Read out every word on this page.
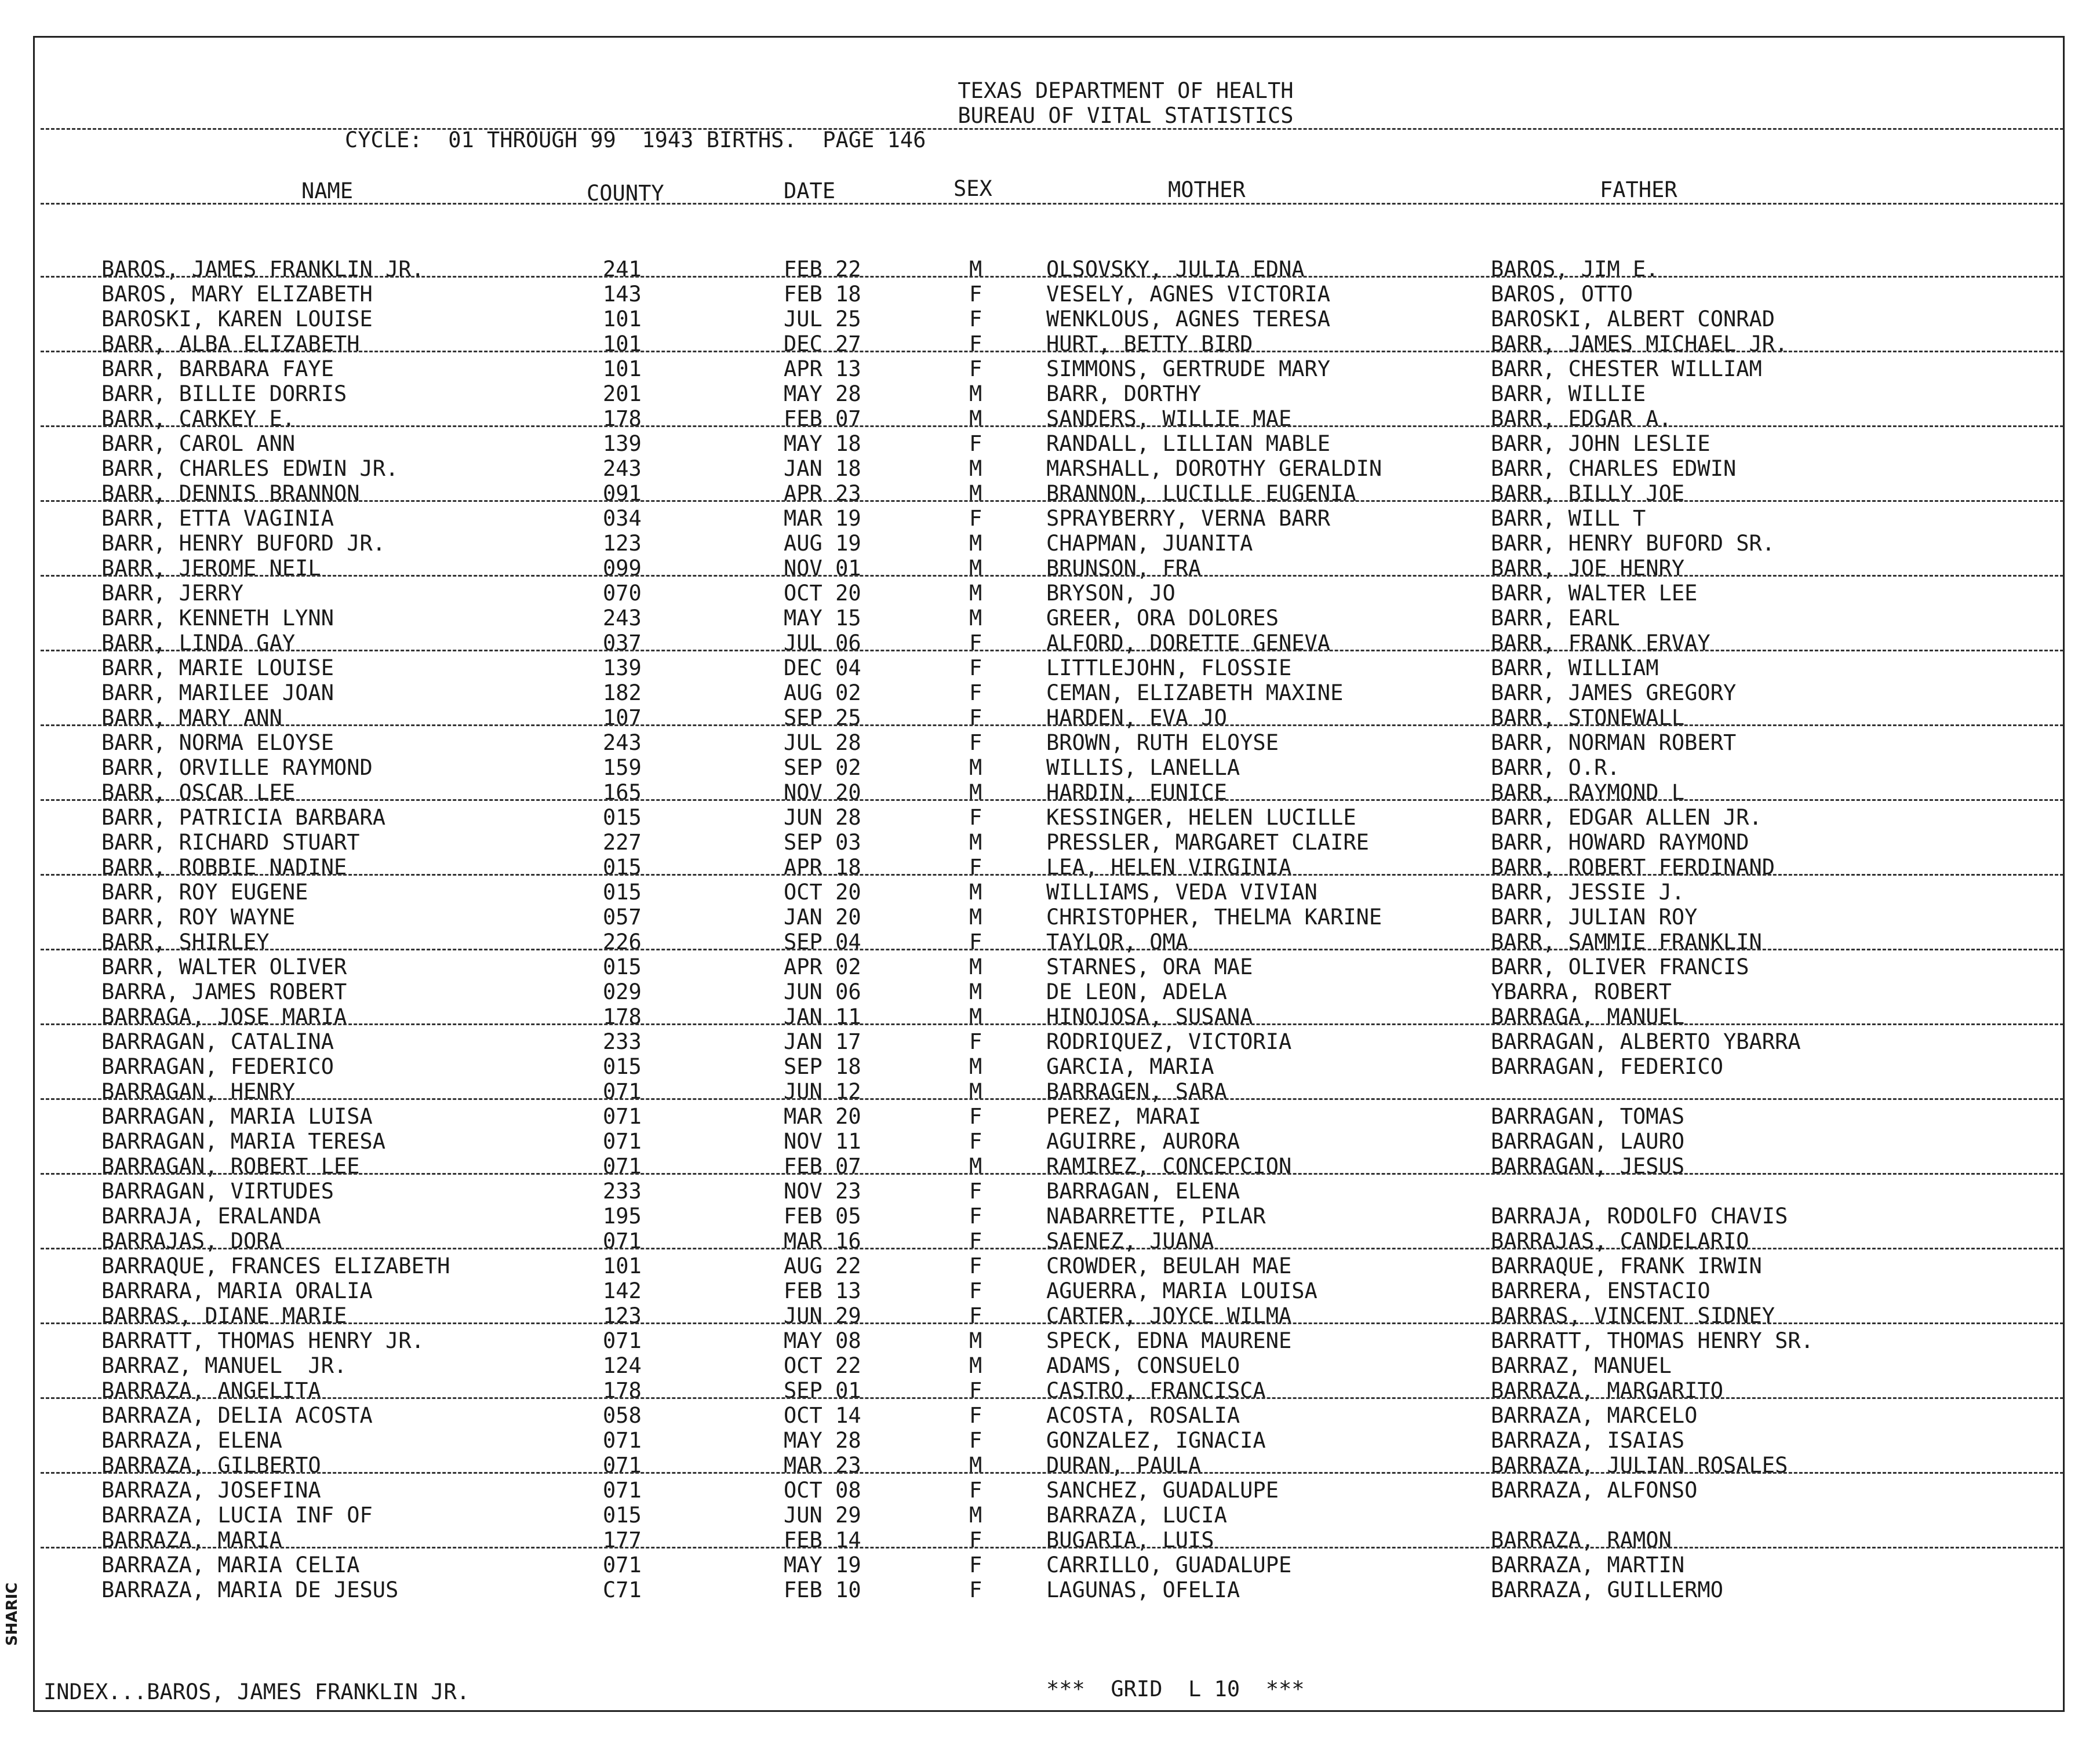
TEXAS DEPARTMENT OF HEALTH
BUREAU OF VITAL STATISTICS
CYCLE:  01 THROUGH 99  1943 BIRTHS.  PAGE 146
NAME	COUNTY	DATE	SEX	MOTHER	FATHER
BAROS, JAMES FRANKLIN JR.	241	FEB 22	M	OLSOVSKY, JULIA EDNA	BAROS, JIM E.
BAROS, MARY ELIZABETH	143	FEB 18	F	VESELY, AGNES VICTORIA	BAROS, OTTO
BAROSKI, KAREN LOUISE	101	JUL 25	F	WENKLOUS, AGNES TERESA	BAROSKI, ALBERT CONRAD
BARR, ALBA ELIZABETH	101	DEC 27	F	HURT, BETTY BIRD	BARR, JAMES MICHAEL JR.
BARR, BARBARA FAYE	101	APR 13	F	SIMMONS, GERTRUDE MARY	BARR, CHESTER WILLIAM
BARR, BILLIE DORRIS	201	MAY 28	M	BARR, DORTHY	BARR, WILLIE
BARR, CARKEY E.	178	FEB 07	M	SANDERS, WILLIE MAE	BARR, EDGAR A.
BARR, CAROL ANN	139	MAY 18	F	RANDALL, LILLIAN MABLE	BARR, JOHN LESLIE
BARR, CHARLES EDWIN JR.	243	JAN 18	M	MARSHALL, DOROTHY GERALDIN	BARR, CHARLES EDWIN
BARR, DENNIS BRANNON	091	APR 23	M	BRANNON, LUCILLE EUGENIA	BARR, BILLY JOE
BARR, ETTA VAGINIA	034	MAR 19	F	SPRAYBERRY, VERNA BARR	BARR, WILL T
BARR, HENRY BUFORD JR.	123	AUG 19	M	CHAPMAN, JUANITA	BARR, HENRY BUFORD SR.
BARR, JEROME NEIL	099	NOV 01	M	BRUNSON, FRA	BARR, JOE HENRY
BARR, JERRY	070	OCT 20	M	BRYSON, JO	BARR, WALTER LEE
BARR, KENNETH LYNN	243	MAY 15	M	GREER, ORA DOLORES	BARR, EARL
BARR, LINDA GAY	037	JUL 06	F	ALFORD, DORETTE GENEVA	BARR, FRANK ERVAY
BARR, MARIE LOUISE	139	DEC 04	F	LITTLEJOHN, FLOSSIE	BARR, WILLIAM
BARR, MARILEE JOAN	182	AUG 02	F	CEMAN, ELIZABETH MAXINE	BARR, JAMES GREGORY
BARR, MARY ANN	107	SEP 25	F	HARDEN, EVA JO	BARR, STONEWALL
BARR, NORMA ELOYSE	243	JUL 28	F	BROWN, RUTH ELOYSE	BARR, NORMAN ROBERT
BARR, ORVILLE RAYMOND	159	SEP 02	M	WILLIS, LANELLA	BARR, O.R.
BARR, OSCAR LEE	165	NOV 20	M	HARDIN, EUNICE	BARR, RAYMOND L
BARR, PATRICIA BARBARA	015	JUN 28	F	KESSINGER, HELEN LUCILLE	BARR, EDGAR ALLEN JR.
BARR, RICHARD STUART	227	SEP 03	M	PRESSLER, MARGARET CLAIRE	BARR, HOWARD RAYMOND
BARR, ROBBIE NADINE	015	APR 18	F	LEA, HELEN VIRGINIA	BARR, ROBERT FERDINAND
BARR, ROY EUGENE	015	OCT 20	M	WILLIAMS, VEDA VIVIAN	BARR, JESSIE J.
BARR, ROY WAYNE	057	JAN 20	M	CHRISTOPHER, THELMA KARINE	BARR, JULIAN ROY
BARR, SHIRLEY	226	SEP 04	F	TAYLOR, OMA	BARR, SAMMIE FRANKLIN
BARR, WALTER OLIVER	015	APR 02	M	STARNES, ORA MAE	BARR, OLIVER FRANCIS
BARRA, JAMES ROBERT	029	JUN 06	M	DE LEON, ADELA	YBARRA, ROBERT
BARRAGA, JOSE MARIA	178	JAN 11	M	HINOJOSA, SUSANA	BARRAGA, MANUEL
BARRAGAN, CATALINA	233	JAN 17	F	RODRIQUEZ, VICTORIA	BARRAGAN, ALBERTO YBARRA
BARRAGAN, FEDERICO	015	SEP 18	M	GARCIA, MARIA	BARRAGAN, FEDERICO
BARRAGAN, HENRY	071	JUN 12	M	BARRAGEN, SARA
BARRAGAN, MARIA LUISA	071	MAR 20	F	PEREZ, MARAI	BARRAGAN, TOMAS
BARRAGAN, MARIA TERESA	071	NOV 11	F	AGUIRRE, AURORA	BARRAGAN, LAURO
BARRAGAN, ROBERT LEE	071	FEB 07	M	RAMIREZ, CONCEPCION	BARRAGAN, JESUS
BARRAGAN, VIRTUDES	233	NOV 23	F	BARRAGAN, ELENA
BARRAJA, ERALANDA	195	FEB 05	F	NABARRETTE, PILAR	BARRAJA, RODOLFO CHAVIS
BARRAJAS, DORA	071	MAR 16	F	SAENEZ, JUANA	BARRAJAS, CANDELARIO
BARRAQUE, FRANCES ELIZABETH	101	AUG 22	F	CROWDER, BEULAH MAE	BARRAQUE, FRANK IRWIN
BARRARA, MARIA ORALIA	142	FEB 13	F	AGUERRA, MARIA LOUISA	BARRERA, ENSTACIO
BARRAS, DIANE MARIE	123	JUN 29	F	CARTER, JOYCE WILMA	BARRAS, VINCENT SIDNEY
BARRATT, THOMAS HENRY JR.	071	MAY 08	M	SPECK, EDNA MAURENE	BARRATT, THOMAS HENRY SR.
BARRAZ, MANUEL  JR.	124	OCT 22	M	ADAMS, CONSUELO	BARRAZ, MANUEL
BARRAZA, ANGELITA	178	SEP 01	F	CASTRO, FRANCISCA	BARRAZA, MARGARITO
BARRAZA, DELIA ACOSTA	058	OCT 14	F	ACOSTA, ROSALIA	BARRAZA, MARCELO
BARRAZA, ELENA	071	MAY 28	F	GONZALEZ, IGNACIA	BARRAZA, ISAIAS
BARRAZA, GILBERTO	071	MAR 23	M	DURAN, PAULA	BARRAZA, JULIAN ROSALES
BARRAZA, JOSEFINA	071	OCT 08	F	SANCHEZ, GUADALUPE	BARRAZA, ALFONSO
BARRAZA, LUCIA INF OF	015	JUN 29	M	BARRAZA, LUCIA
BARRAZA, MARIA	177	FEB 14	F	BUGARIA, LUIS	BARRAZA, RAMON
BARRAZA, MARIA CELIA	071	MAY 19	F	CARRILLO, GUADALUPE	BARRAZA, MARTIN
BARRAZA, MARIA DE JESUS	C71	FEB 10	F	LAGUNAS, OFELIA	BARRAZA, GUILLERMO
INDEX...BAROS, JAMES FRANKLIN JR.	***  GRID  L 10  ***
SHARIC
